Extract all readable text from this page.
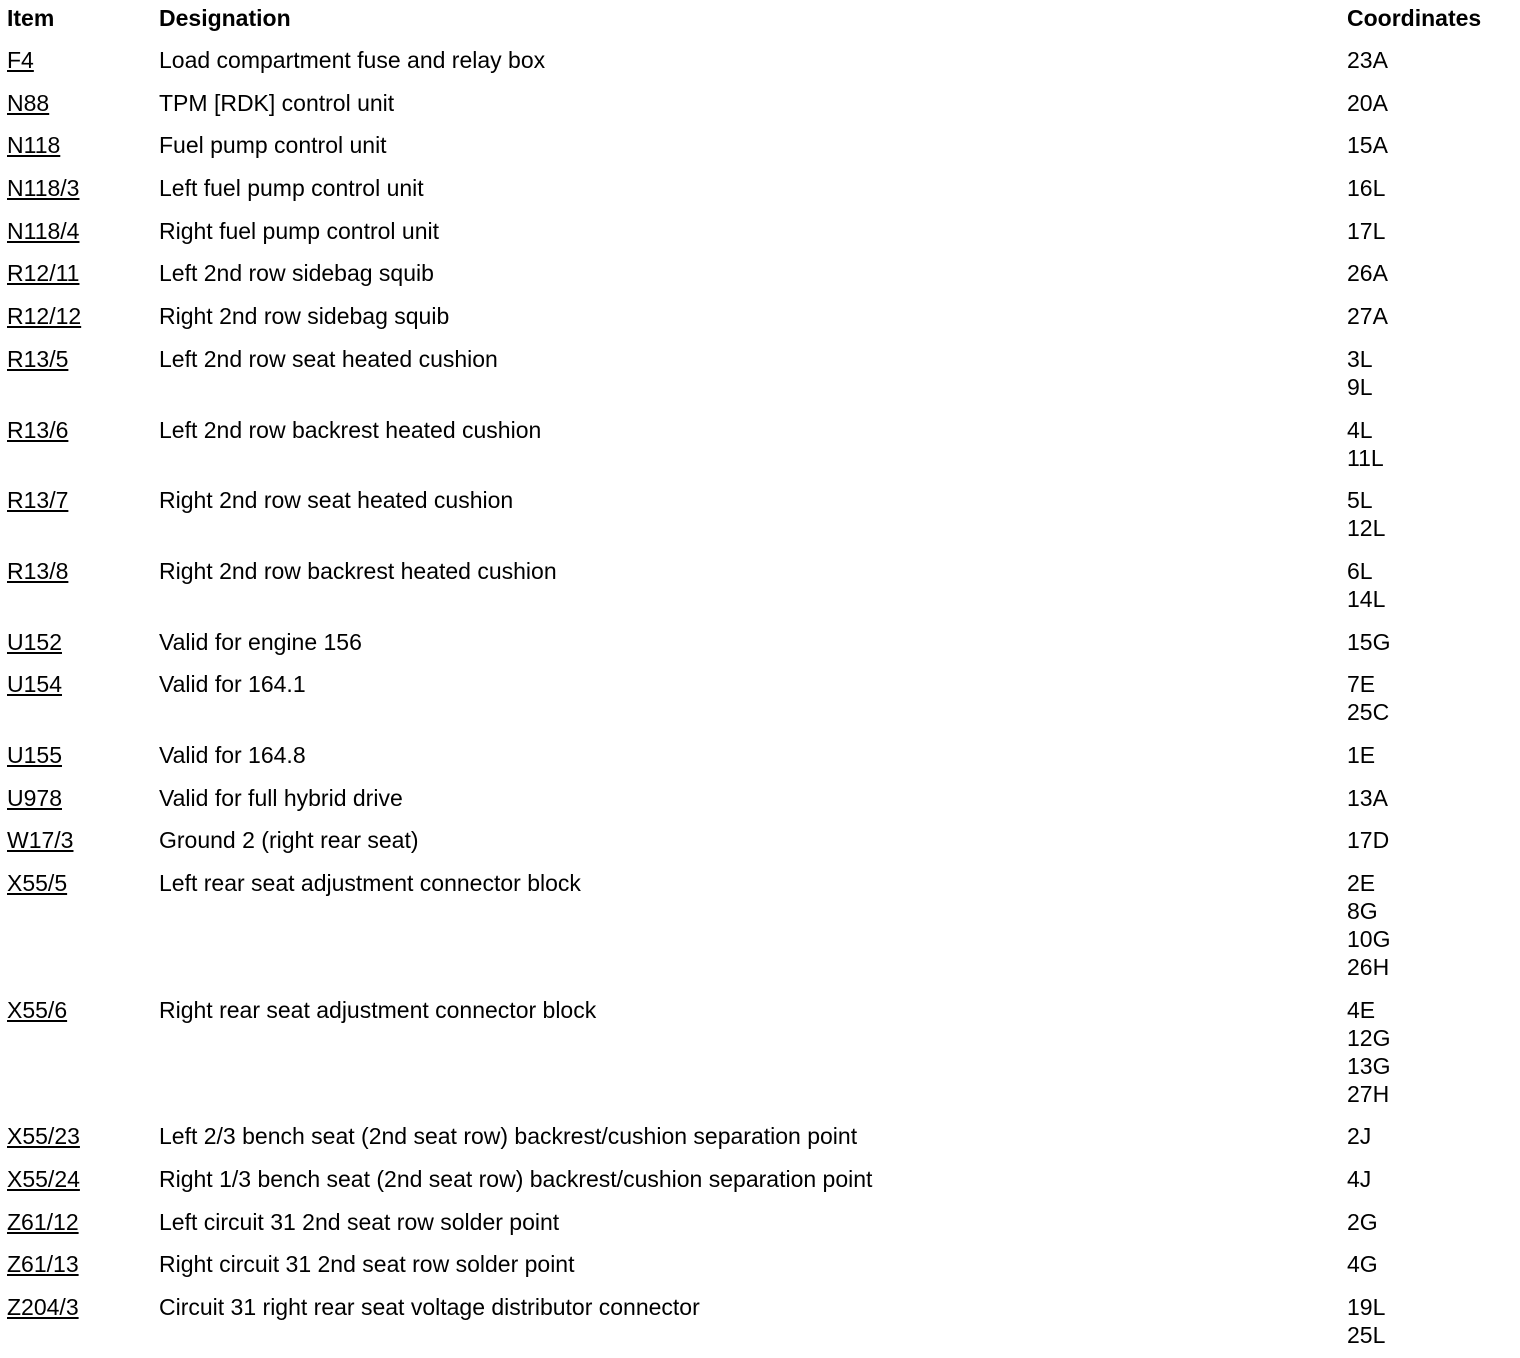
Item	Designation	Coordinates
F4	Load compartment fuse and relay box	23A
N88	TPM [RDK] control unit	20A
N118	Fuel pump control unit	15A
N118/3	Left fuel pump control unit	16L
N118/4	Right fuel pump control unit	17L
R12/11	Left 2nd row sidebag squib	26A
R12/12	Right 2nd row sidebag squib	27A
R13/5	Left 2nd row seat heated cushion	3L
9L
R13/6	Left 2nd row backrest heated cushion	4L
11L
R13/7	Right 2nd row seat heated cushion	5L
12L
R13/8	Right 2nd row backrest heated cushion	6L
14L
U152	Valid for engine 156	15G
U154	Valid for 164.1	7E
25C
U155	Valid for 164.8	1E
U978	Valid for full hybrid drive	13A
W17/3	Ground 2 (right rear seat)	17D
X55/5	Left rear seat adjustment connector block	2E
8G
10G
26H
X55/6	Right rear seat adjustment connector block	4E
12G
13G
27H
X55/23	Left 2/3 bench seat (2nd seat row) backrest/cushion separation point	2J
X55/24	Right 1/3 bench seat (2nd seat row) backrest/cushion separation point	4J
Z61/12	Left circuit 31 2nd seat row solder point	2G
Z61/13	Right circuit 31 2nd seat row solder point	4G
Z204/3	Circuit 31 right rear seat voltage distributor connector	19L
25L
